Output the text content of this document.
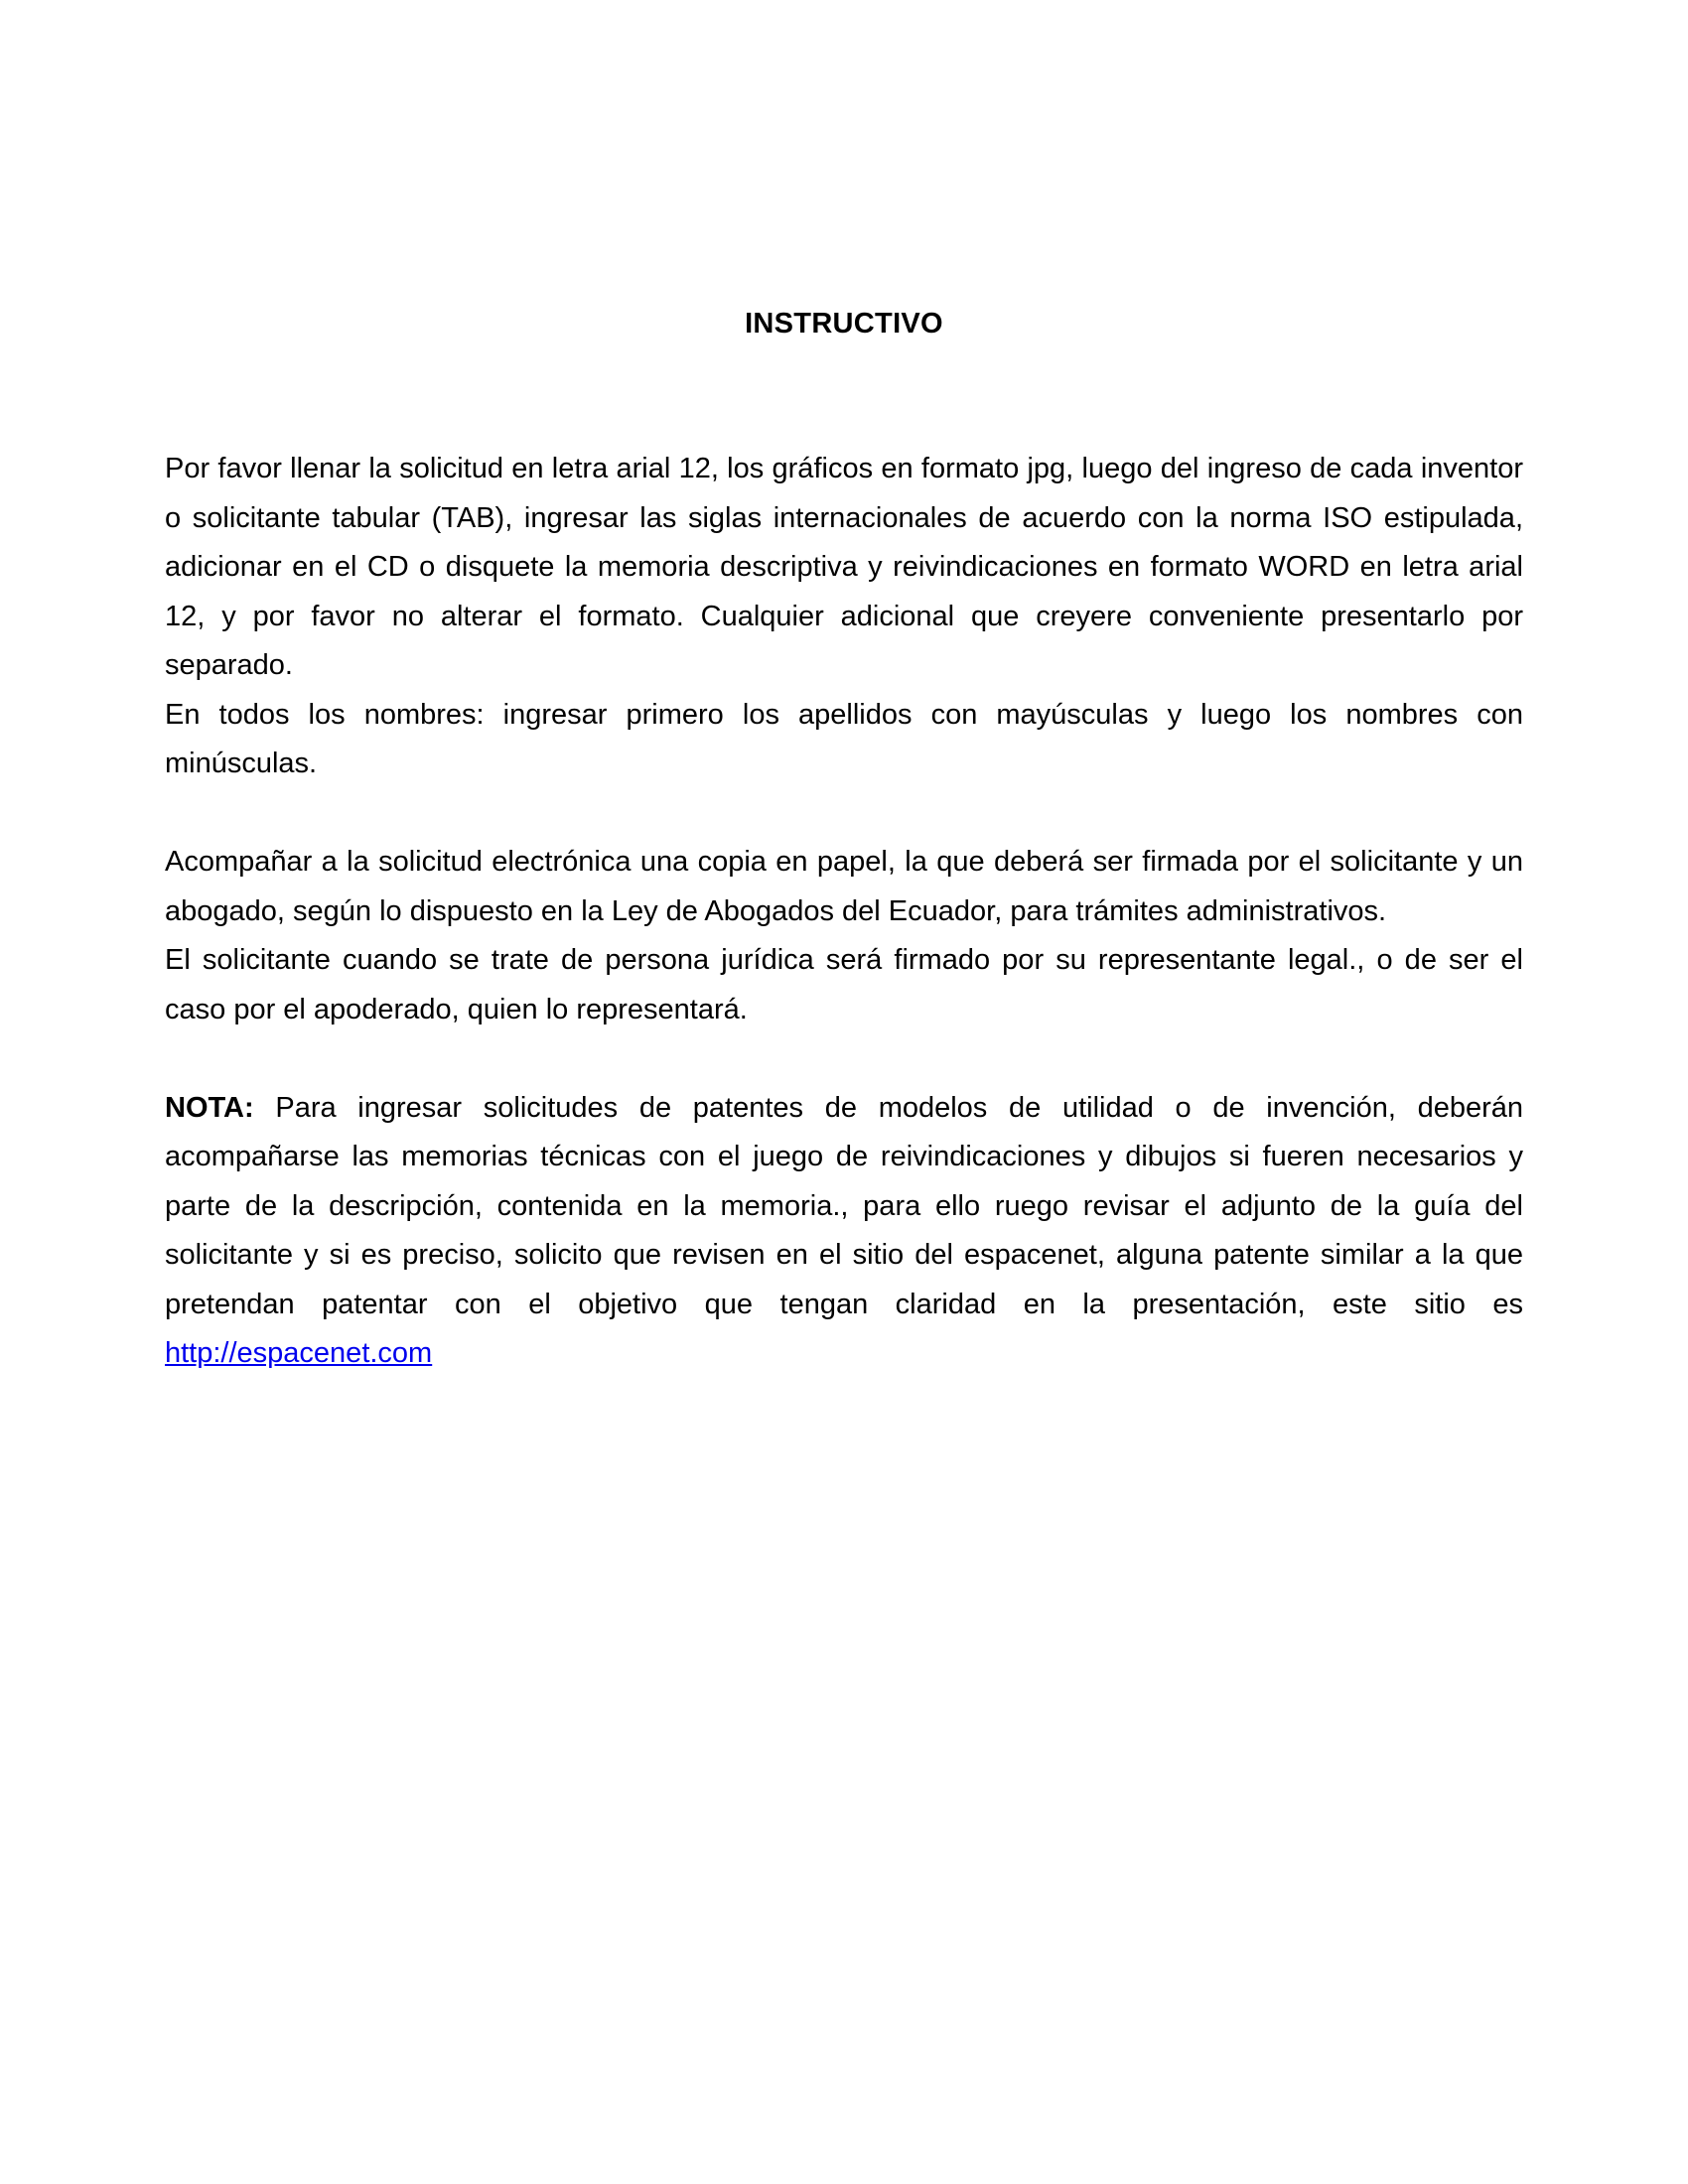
INSTRUCTIVO

Por favor llenar la solicitud en letra arial 12, los gráficos en formato jpg, luego del ingreso de cada inventor o solicitante tabular (TAB), ingresar las siglas internacionales de acuerdo con la norma ISO estipulada, adicionar en el CD o disquete la memoria descriptiva y reivindicaciones en formato WORD en letra arial 12, y por favor no alterar el formato. Cualquier adicional que creyere conveniente presentarlo por separado.

En todos los nombres: ingresar primero los apellidos con mayúsculas y luego los nombres con minúsculas.

Acompañar a la solicitud electrónica una copia en papel, la que deberá ser firmada por el solicitante y un abogado, según lo dispuesto en la Ley de Abogados del Ecuador, para trámites administrativos.

El solicitante cuando se trate de persona jurídica será firmado por su representante legal., o de ser el caso por el apoderado, quien lo representará.

NOTA: Para ingresar solicitudes de patentes de modelos de utilidad o de invención, deberán acompañarse las memorias técnicas con el juego de reivindicaciones y dibujos si fueren necesarios y parte de la descripción, contenida en la memoria., para ello ruego revisar el adjunto de la guía del solicitante y si es preciso, solicito que revisen en el sitio del espacenet, alguna patente similar a la que pretendan patentar con el objetivo que tengan claridad en la presentación, este sitio es http://espacenet.com
